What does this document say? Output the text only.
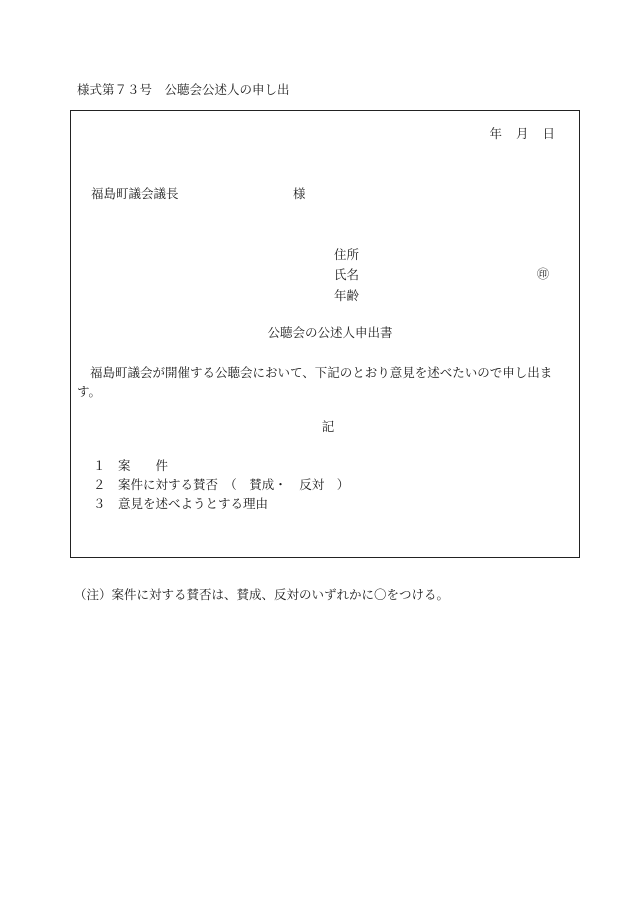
様式第７３号　公聴会公述人の申し出
年 月 日
福島町議会議長	様
住所
氏名	㊞
年齢
公聴会の公述人申出書
福島町議会が開催する公聴会において、下記のとおり意見を述べたいので申し出ます。
記
１ 案　　件
２ 案件に対する賛否　（　賛成・　反対　）
３ 意見を述べようとする理由
（注）案件に対する賛否は、賛成、反対のいずれかに〇をつける。
